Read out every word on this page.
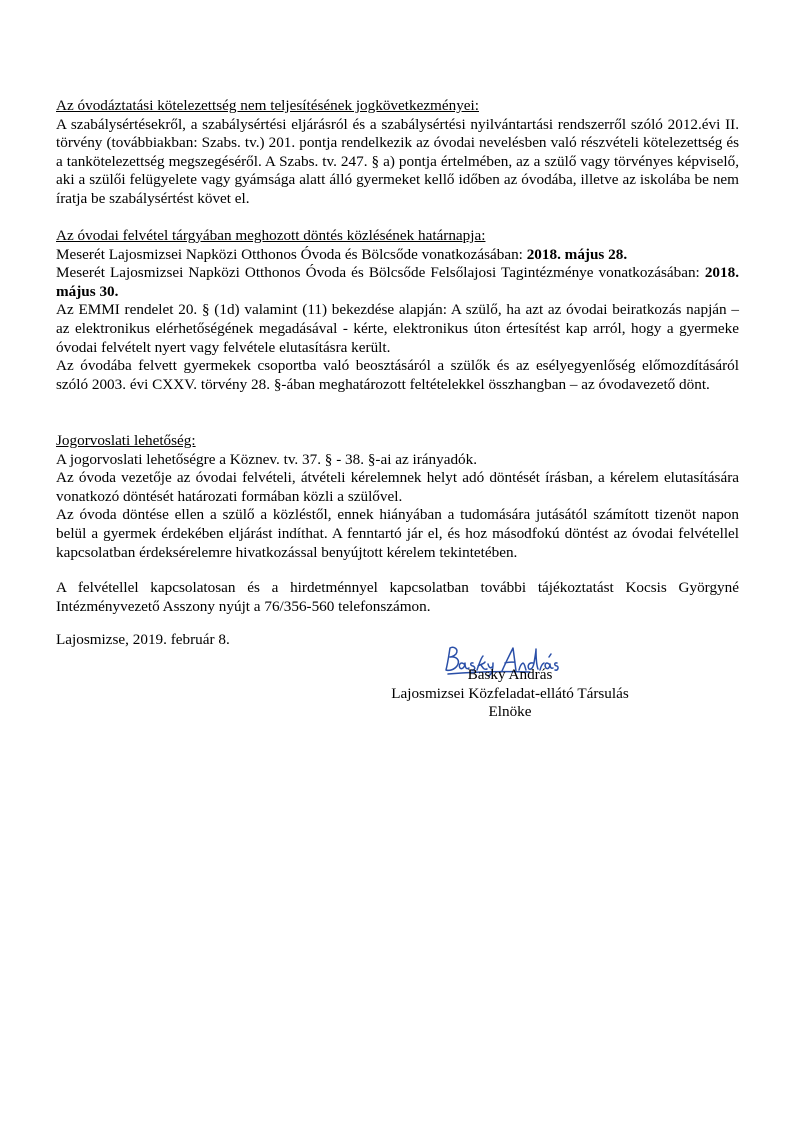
Az óvodáztatási kötelezettség nem teljesítésének jogkövetkezményei:

A szabálysértésekről, a szabálysértési eljárásról és a szabálysértési nyilvántartási rendszerről szóló 2012.évi II. törvény (továbbiakban: Szabs. tv.) 201. pontja rendelkezik az óvodai nevelésben való részvételi kötelezettség és a tankötelezettség megszegéséről. A Szabs. tv. 247. § a) pontja értelmében, az a szülő vagy törvényes képviselő, aki a szülői felügyelete vagy gyámsága alatt álló gyermeket kellő időben az óvodába, illetve az iskolába be nem íratja be szabálysértést követ el.

Az óvodai felvétel tárgyában meghozott döntés közlésének határnapja:

Meserét Lajosmizsei Napközi Otthonos Óvoda és Bölcsőde vonatkozásában: 2018. május 28.

Meserét Lajosmizsei Napközi Otthonos Óvoda és Bölcsőde Felsőlajosi Tagintézménye vonatkozásában: 2018. május 30.

Az EMMI rendelet 20. § (1d) valamint (11) bekezdése alapján: A szülő, ha azt az óvodai beiratkozás napján – az elektronikus elérhetőségének megadásával - kérte, elektronikus úton értesítést kap arról, hogy a gyermeke óvodai felvételt nyert vagy felvétele elutasításra került.

Az óvodába felvett gyermekek csoportba való beosztásáról a szülők és az esélyegyenlőség előmozdításáról szóló 2003. évi CXXV. törvény 28. §-ában meghatározott feltételekkel összhangban – az óvodavezető dönt.

Jogorvoslati lehetőség:

A jogorvoslati lehetőségre a Köznev. tv. 37. § - 38. §-ai az irányadók.

Az óvoda vezetője az óvodai felvételi, átvételi kérelemnek helyt adó döntését írásban, a kérelem elutasítására vonatkozó döntését határozati formában közli a szülővel.

Az óvoda döntése ellen a szülő a közléstől, ennek hiányában a tudomására jutásától számított tizenöt napon belül a gyermek érdekében eljárást indíthat. A fenntartó jár el, és hoz másodfokú döntést az óvodai felvétellel kapcsolatban érdeksérelemre hivatkozással benyújtott kérelem tekintetében.

A felvétellel kapcsolatosan és a hirdetménnyel kapcsolatban további tájékoztatást Kocsis Györgyné Intézményvezető Asszony nyújt a 76/356-560 telefonszámon.

Lajosmizse, 2019. február 8.

Basky András

Lajosmizsei Közfeladat-ellátó Társulás

Elnöke
